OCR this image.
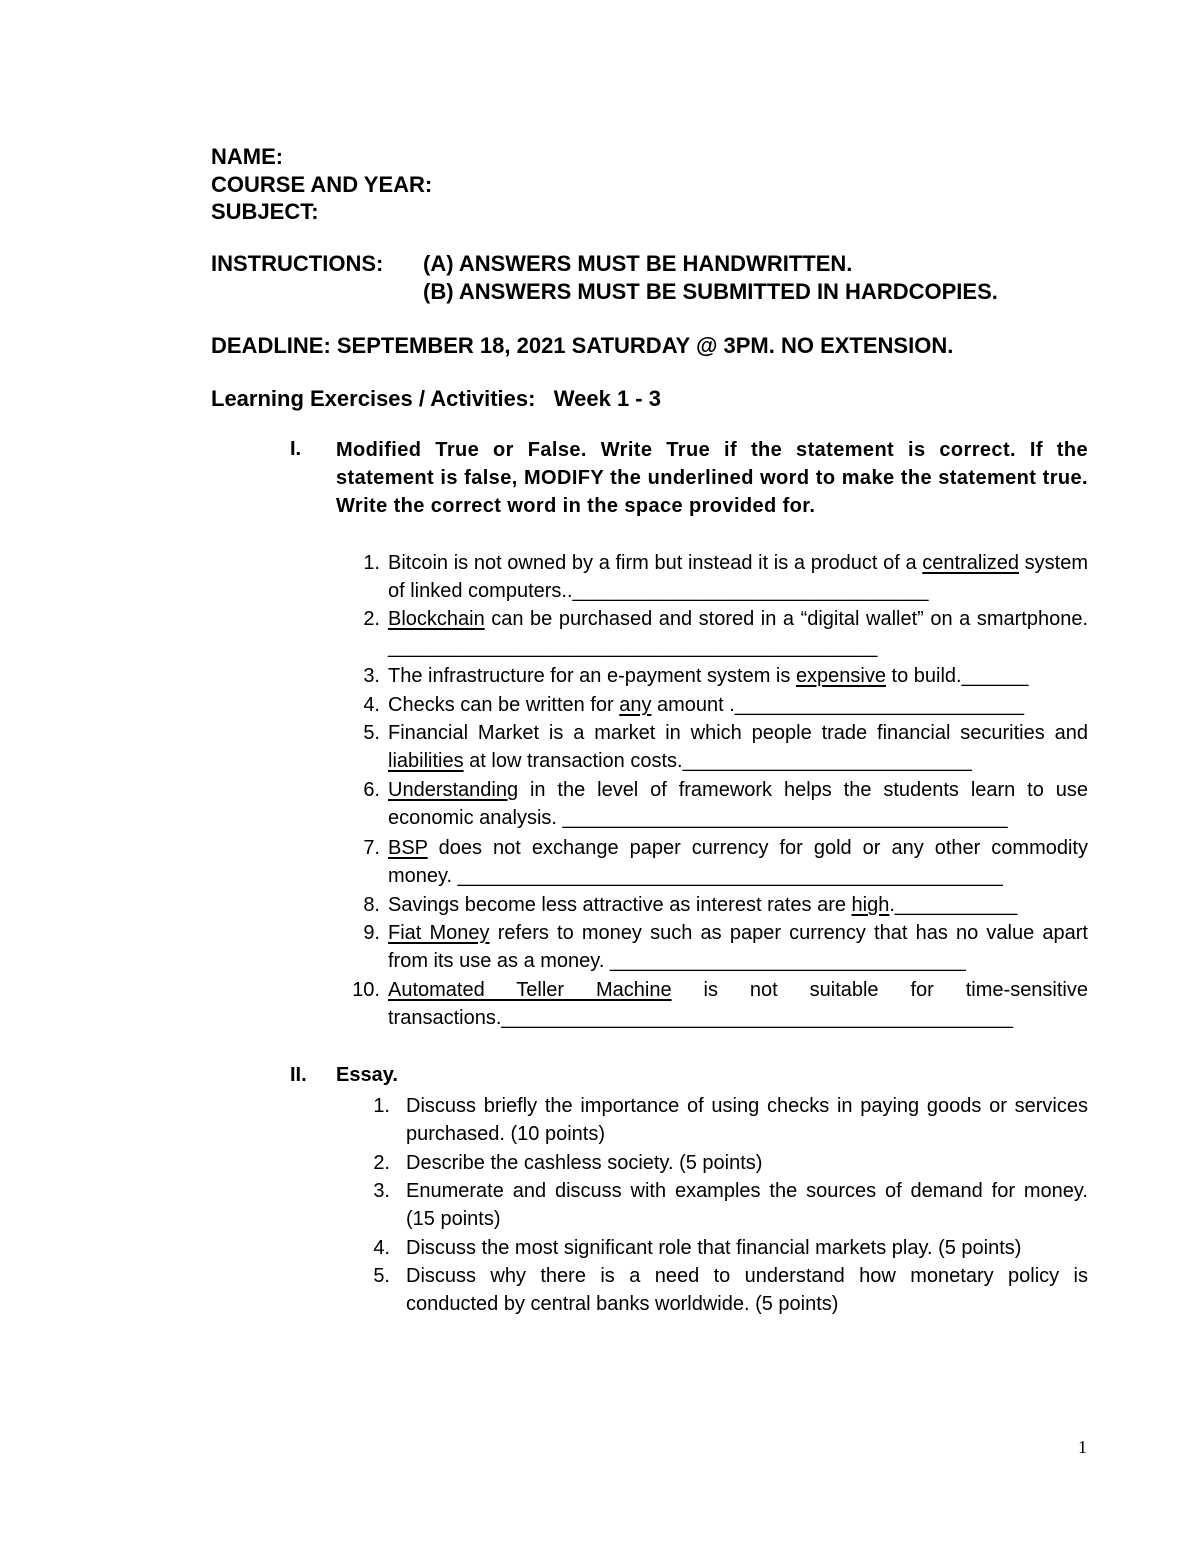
NAME:
COURSE AND YEAR:
SUBJECT:
INSTRUCTIONS: (A) ANSWERS MUST BE HANDWRITTEN.
(B) ANSWERS MUST BE SUBMITTED IN HARDCOPIES.
DEADLINE: SEPTEMBER 18, 2021 SATURDAY @ 3PM. NO EXTENSION.
Learning Exercises / Activities:   Week 1 - 3
I. Modified True or False. Write True if the statement is correct. If the statement is false, MODIFY the underlined word to make the statement true. Write the correct word in the space provided for.
1. Bitcoin is not owned by a firm but instead it is a product of a centralized system of linked computers..________________________________
2. Blockchain can be purchased and stored in a “digital wallet” on a smartphone. ____________________________________________
3. The infrastructure for an e-payment system is expensive to build.______
4. Checks can be written for any amount .__________________________
5. Financial Market is a market in which people trade financial securities and liabilities at low transaction costs.__________________________
6. Understanding in the level of framework helps the students learn to use economic analysis. ________________________________________
7. BSP does not exchange paper currency for gold or any other commodity money. _________________________________________________
8. Savings become less attractive as interest rates are high.___________
9. Fiat Money refers to money such as paper currency that has no value apart from its use as a money. ________________________________
10. Automated Teller Machine is not suitable for time-sensitive transactions.______________________________________________
II. Essay.
1. Discuss briefly the importance of using checks in paying goods or services purchased. (10 points)
2. Describe the cashless society. (5 points)
3. Enumerate and discuss with examples the sources of demand for money. (15 points)
4. Discuss the most significant role that financial markets play. (5 points)
5. Discuss why there is a need to understand how monetary policy is conducted by central banks worldwide. (5 points)
1
